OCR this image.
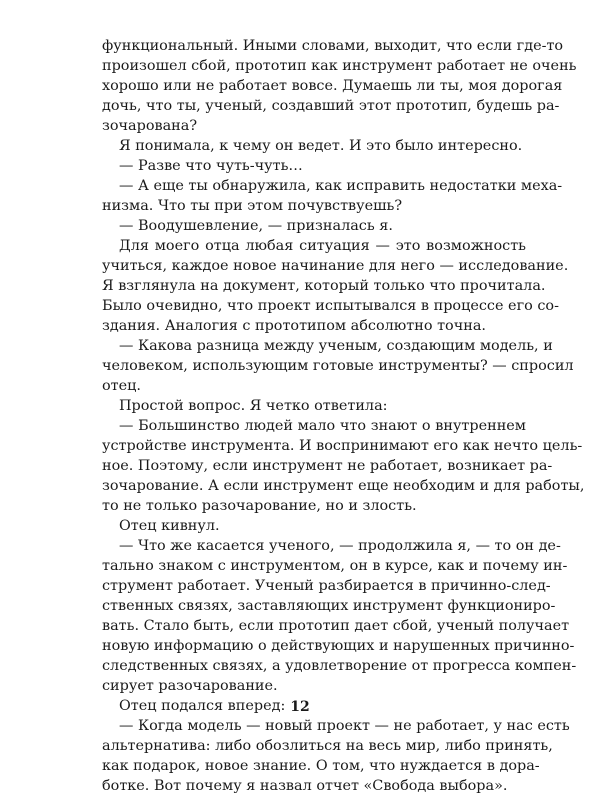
функциональный. Иными словами, выходит, что если где-то
произошел сбой, прототип как инструмент работает не очень
хорошо или не работает вовсе. Думаешь ли ты, моя дорогая
дочь, что ты, ученый, создавший этот прототип, будешь ра-
зочарована?
Я понимала, к чему он ведет. И это было интересно.
— Разве что чуть-чуть…
— А еще ты обнаружила, как исправить недостатки меха-
низма. Что ты при этом почувствуешь?
— Воодушевление, — призналась я.
Для моего отца любая ситуация — это возможность
учиться, каждое новое начинание для него — исследование.
Я взглянула на документ, который только что прочитала.
Было очевидно, что проект испытывался в процессе его со-
здания. Аналогия с прототипом абсолютно точна.
— Какова разница между ученым, создающим модель, и
человеком, использующим готовые инструменты? — спросил
отец.
Простой вопрос. Я четко ответила:
— Большинство людей мало что знают о внутреннем
устройстве инструмента. И воспринимают его как нечто цель-
ное. Поэтому, если инструмент не работает, возникает ра-
зочарование. А если инструмент еще необходим и для работы,
то не только разочарование, но и злость.
Отец кивнул.
— Что же касается ученого, — продолжила я, — то он де-
тально знаком с инструментом, он в курсе, как и почему ин-
струмент работает. Ученый разбирается в причинно-след-
ственных связях, заставляющих инструмент функциониро-
вать. Стало быть, если прототип дает сбой, ученый получает
новую информацию о действующих и нарушенных причинно-
следственных связях, а удовлетворение от прогресса компен-
сирует разочарование.
Отец подался вперед:
— Когда модель — новый проект — не работает, у нас есть
альтернатива: либо обозлиться на весь мир, либо принять,
как подарок, новое знание. О том, что нуждается в дора-
ботке. Вот почему я назвал отчет «Свобода выбора».
12
